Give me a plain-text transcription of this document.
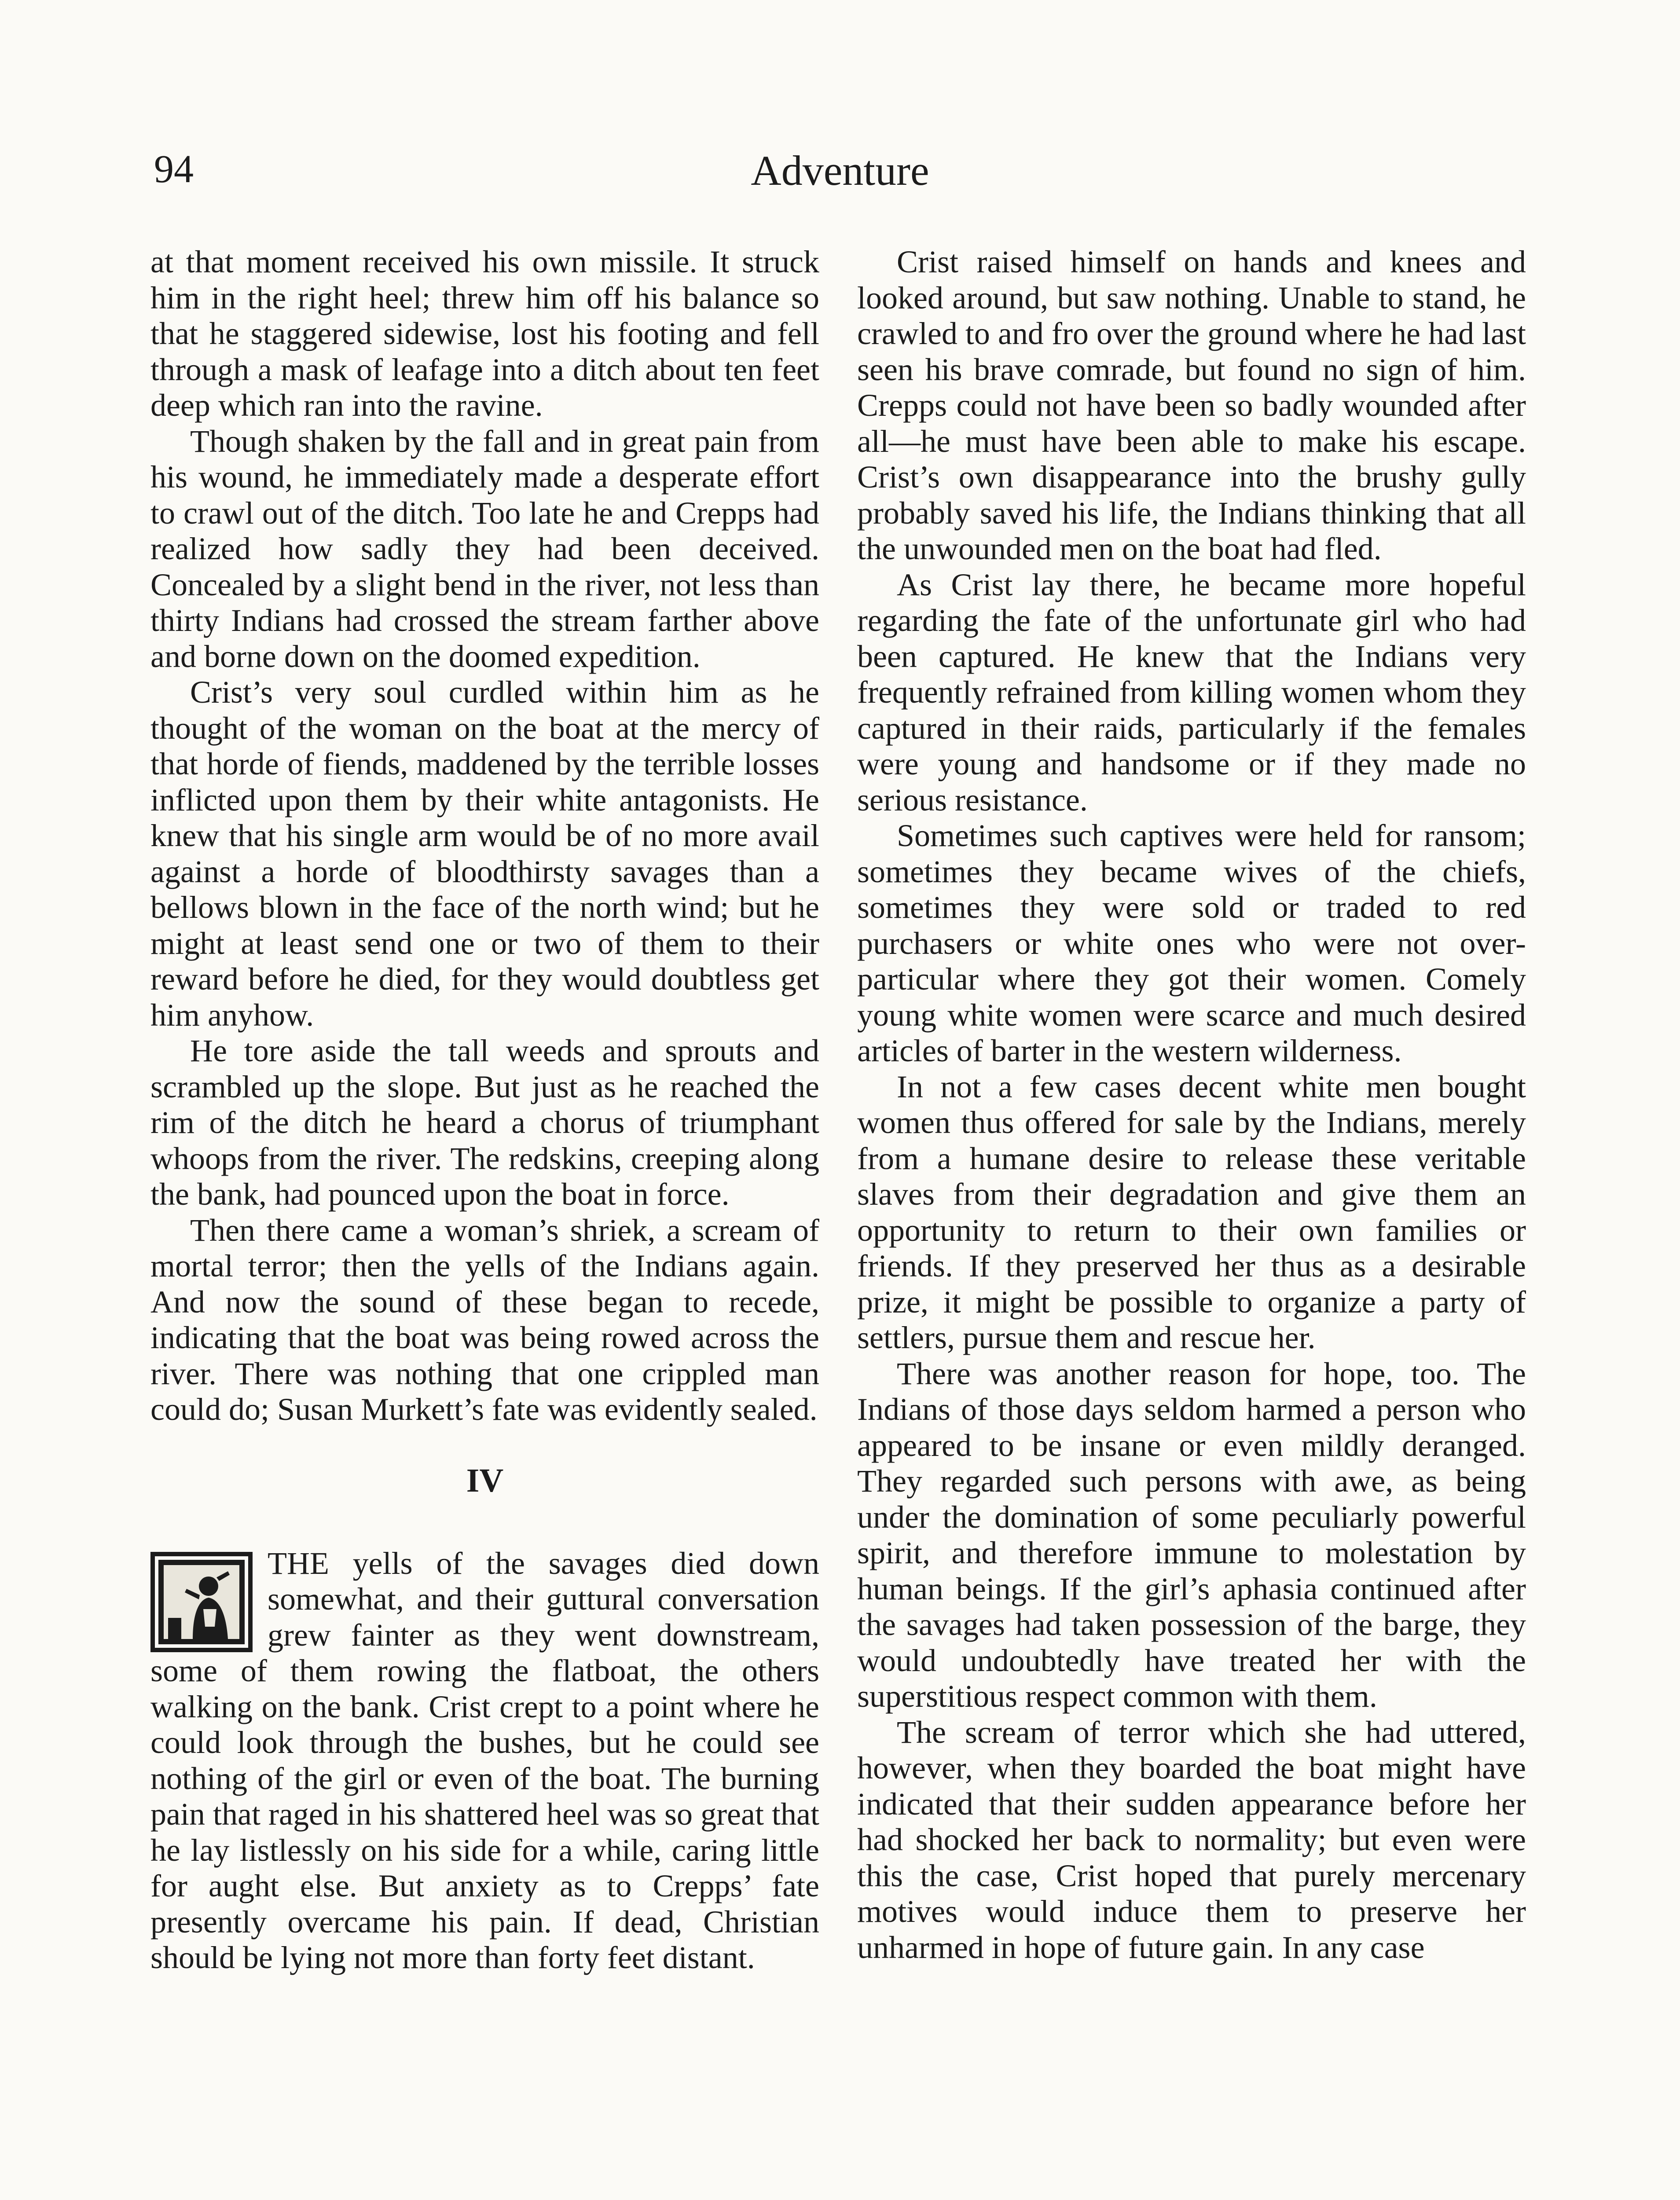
94	Adventure

at that moment received his own missile. It struck him in the right heel; threw him off his balance so that he staggered sidewise, lost his footing and fell through a mask of leafage into a ditch about ten feet deep which ran into the ravine.

Though shaken by the fall and in great pain from his wound, he immediately made a desperate effort to crawl out of the ditch. Too late he and Crepps had realized how sadly they had been deceived. Concealed by a slight bend in the river, not less than thirty Indians had crossed the stream farther above and borne down on the doomed expedition.

Crist’s very soul curdled within him as he thought of the woman on the boat at the mercy of that horde of fiends, maddened by the terrible losses inflicted upon them by their white antagonists. He knew that his single arm would be of no more avail against a horde of bloodthirsty savages than a bellows blown in the face of the north wind; but he might at least send one or two of them to their reward before he died, for they would doubtless get him anyhow.

He tore aside the tall weeds and sprouts and scrambled up the slope. But just as he reached the rim of the ditch he heard a chorus of triumphant whoops from the river. The redskins, creeping along the bank, had pounced upon the boat in force.

Then there came a woman’s shriek, a scream of mortal terror; then the yells of the Indians again. And now the sound of these began to recede, indicating that the boat was being rowed across the river. There was nothing that one crippled man could do; Susan Murkett’s fate was evidently sealed.

IV

THE yells of the savages died down somewhat, and their guttural conversation grew fainter as they went downstream, some of them rowing the flatboat, the others walking on the bank. Crist crept to a point where he could look through the bushes, but he could see nothing of the girl or even of the boat. The burning pain that raged in his shattered heel was so great that he lay listlessly on his side for a while, caring little for aught else. But anxiety as to Crepps’ fate presently overcame his pain. If dead, Christian should be lying not more than forty feet distant.

Crist raised himself on hands and knees and looked around, but saw nothing. Unable to stand, he crawled to and fro over the ground where he had last seen his brave comrade, but found no sign of him. Crepps could not have been so badly wounded after all—he must have been able to make his escape. Crist’s own disappearance into the brushy gully probably saved his life, the Indians thinking that all the unwounded men on the boat had fled.

As Crist lay there, he became more hopeful regarding the fate of the unfortunate girl who had been captured. He knew that the Indians very frequently refrained from killing women whom they captured in their raids, particularly if the females were young and handsome or if they made no serious resistance.

Sometimes such captives were held for ransom; sometimes they became wives of the chiefs, sometimes they were sold or traded to red purchasers or white ones who were not over-particular where they got their women. Comely young white women were scarce and much desired articles of barter in the western wilderness.

In not a few cases decent white men bought women thus offered for sale by the Indians, merely from a humane desire to release these veritable slaves from their degradation and give them an opportunity to return to their own families or friends. If they preserved her thus as a desirable prize, it might be possible to organize a party of settlers, pursue them and rescue her.

There was another reason for hope, too. The Indians of those days seldom harmed a person who appeared to be insane or even mildly deranged. They regarded such persons with awe, as being under the domination of some peculiarly powerful spirit, and therefore immune to molestation by human beings. If the girl’s aphasia continued after the savages had taken possession of the barge, they would undoubtedly have treated her with the superstitious respect common with them.

The scream of terror which she had uttered, however, when they boarded the boat might have indicated that their sudden appearance before her had shocked her back to normality; but even were this the case, Crist hoped that purely mercenary motives would induce them to preserve her unharmed in hope of future gain. In any case
